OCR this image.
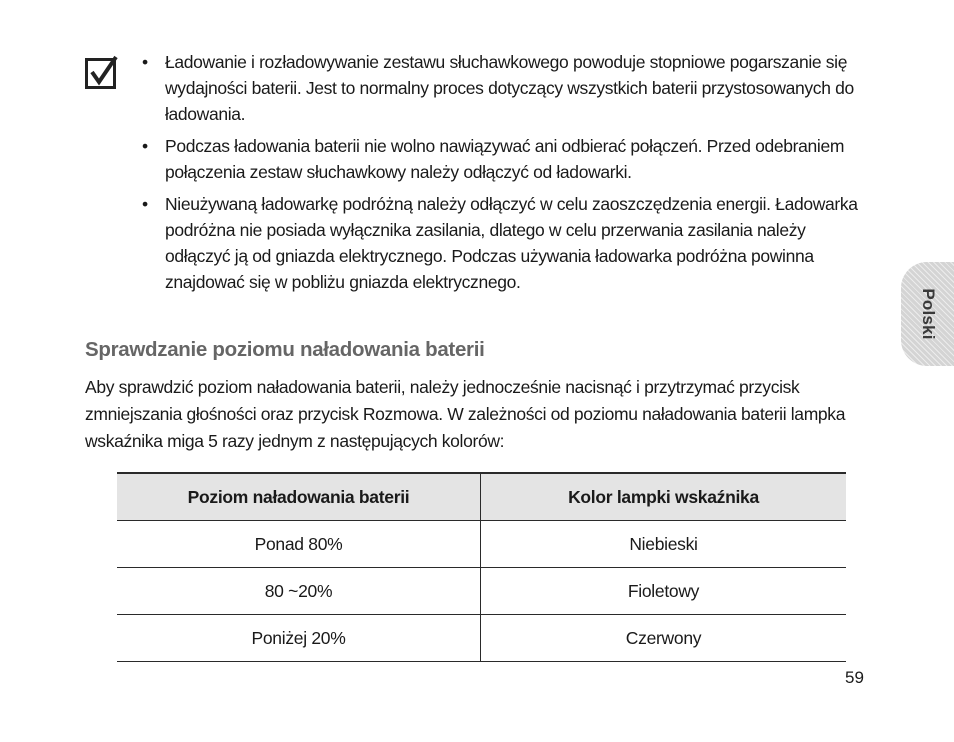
• Ładowanie i rozładowywanie zestawu słuchawkowego powoduje stopniowe pogarszanie się wydajności baterii. Jest to normalny proces dotyczący wszystkich baterii przystosowanych do ładowania.
• Podczas ładowania baterii nie wolno nawiązywać ani odbierać połączeń. Przed odebraniem połączenia zestaw słuchawkowy należy odłączyć od ładowarki.
• Nieużywaną ładowarkę podróżną należy odłączyć w celu zaoszczędzenia energii. Ładowarka podróżna nie posiada wyłącznika zasilania, dlatego w celu przerwania zasilania należy odłączyć ją od gniazda elektrycznego. Podczas używania ładowarka podróżna powinna znajdować się w pobliżu gniazda elektrycznego.
Polski
Sprawdzanie poziomu naładowania baterii

Aby sprawdzić poziom naładowania baterii, należy jednocześnie nacisnąć i przytrzymać przycisk zmniejszania głośności oraz przycisk Rozmowa. W zależności od poziomu naładowania baterii lampka wskaźnika miga 5 razy jednym z następujących kolorów:

Poziom naładowania baterii	Kolor lampki wskaźnika
Ponad 80%	Niebieski
80 ~20%	Fioletowy
Poniżej 20%	Czerwony
59
